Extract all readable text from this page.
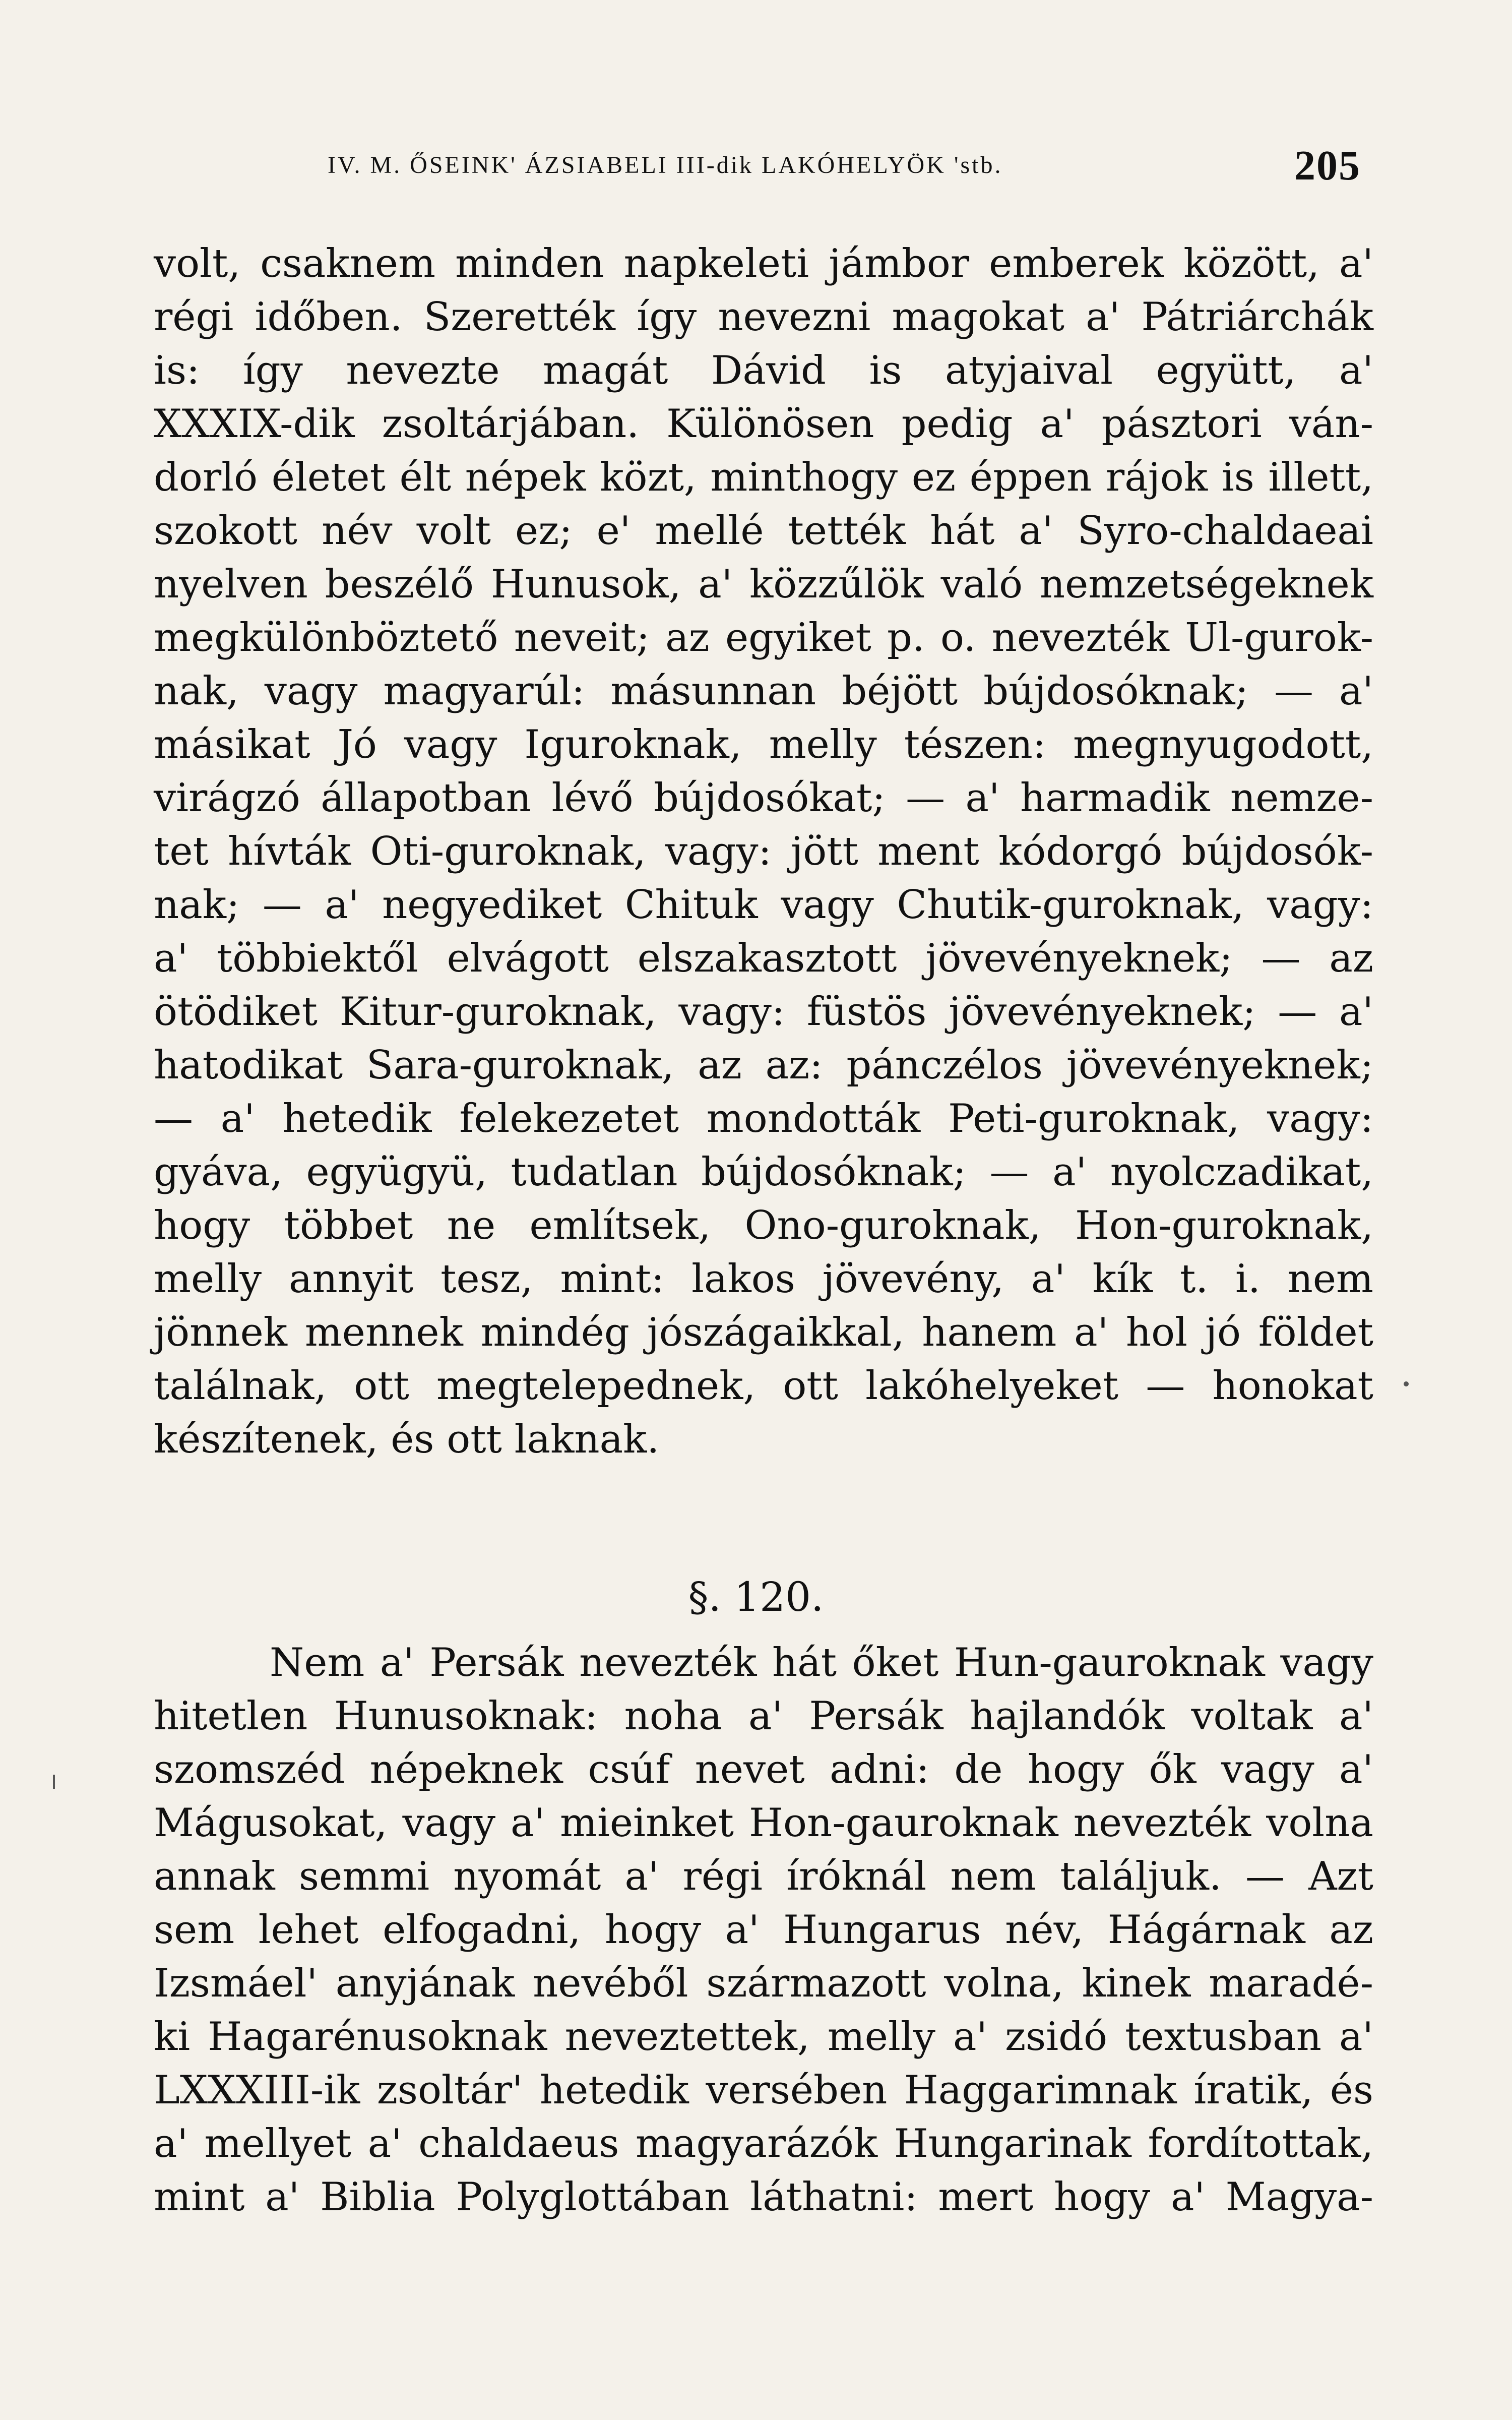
IV. M. ŐSEINK' ÁZSIABELI III-dik LAKÓHELYÖK 'stb.	205
volt, csaknem minden napkeleti jámbor emberek között, a'
régi időben. Szerették így nevezni magokat a' Pátriárchák
is: így nevezte magát Dávid is atyjaival együtt, a'
XXXIX-dik zsoltárjában. Különösen pedig a' pásztori ván-
dorló életet élt népek közt, minthogy ez éppen rájok is illett,
szokott név volt ez; e' mellé tették hát a' Syro-chaldaeai
nyelven beszélő Hunusok, a' közzűlök való nemzetségeknek
megkülönböztető neveit; az egyiket p. o. nevezték Ul-gurok-
nak, vagy magyarúl: másunnan béjött bújdosóknak; — a'
másikat Jó vagy Iguroknak, melly tészen: megnyugodott,
virágzó állapotban lévő bújdosókat; — a' harmadik nemze-
tet hívták Oti-guroknak, vagy: jött ment kódorgó bújdosók-
nak; — a' negyediket Chituk vagy Chutik-guroknak, vagy:
a' többiektől elvágott elszakasztott jövevényeknek; — az
ötödiket Kitur-guroknak, vagy: füstös jövevényeknek; — a'
hatodikat Sara-guroknak, az az: pánczélos jövevényeknek;
— a' hetedik felekezetet mondották Peti-guroknak, vagy:
gyáva, együgyü, tudatlan bújdosóknak; — a' nyolczadikat,
hogy többet ne említsek, Ono-guroknak, Hon-guroknak,
melly annyit tesz, mint: lakos jövevény, a' kík t. i. nem
jönnek mennek mindég jószágaikkal, hanem a' hol jó földet
találnak, ott megtelepednek, ott lakóhelyeket — honokat
készítenek, és ott laknak.
§. 120.
Nem a' Persák nevezték hát őket Hun-gauroknak vagy
hitetlen Hunusoknak: noha a' Persák hajlandók voltak a'
szomszéd népeknek csúf nevet adni: de hogy ők vagy a'
Mágusokat, vagy a' mieinket Hon-gauroknak nevezték volna
annak semmi nyomát a' régi íróknál nem találjuk. — Azt
sem lehet elfogadni, hogy a' Hungarus név, Hágárnak az
Izsmáel' anyjának nevéből származott volna, kinek maradé-
ki Hagarénusoknak neveztettek, melly a' zsidó textusban a'
LXXXIII-ik zsoltár' hetedik versében Haggarimnak íratik, és
a' mellyet a' chaldaeus magyarázók Hungarinak fordítottak,
mint a' Biblia Polyglottában láthatni: mert hogy a' Magya-
